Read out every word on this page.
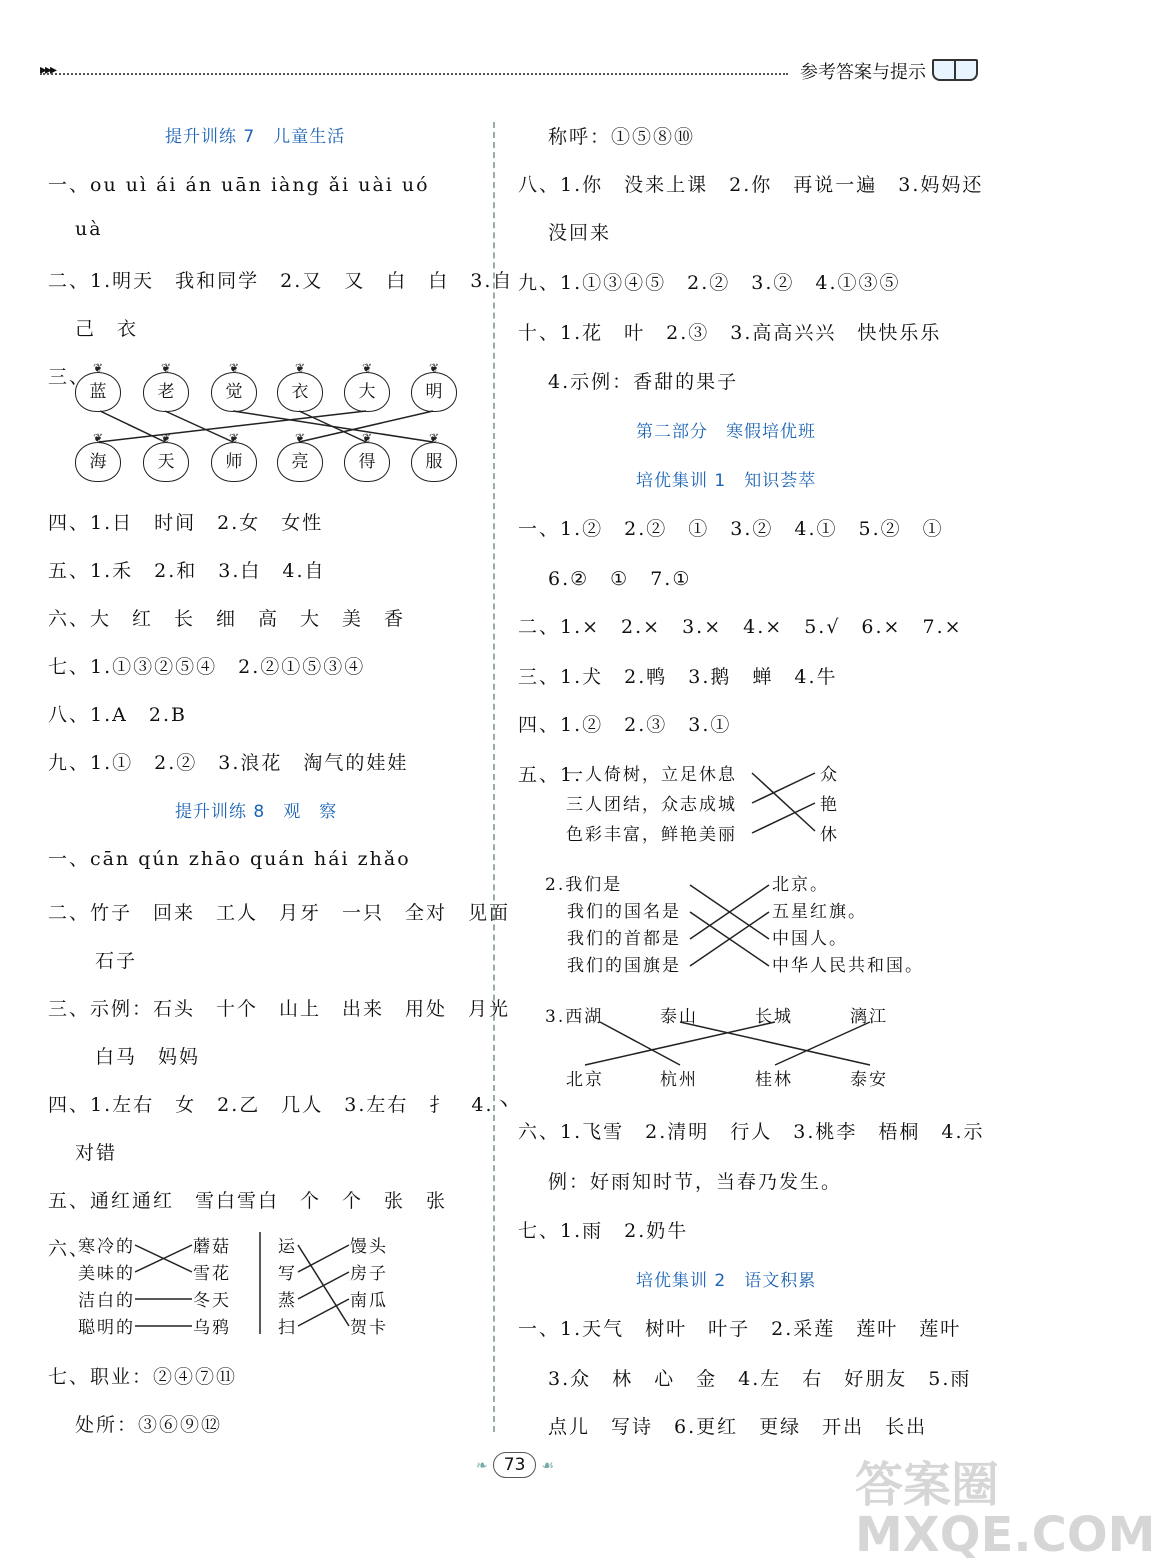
▸▸▸	参考答案与提示
提升训练 7　儿童生活
一、ou uì ái án uān iàng ǎi uài uó
uà
二、1.明天　我和同学　2.又　又　白　白　3.自
己　衣
三、 ❦
蓝
❦
老
❦
觉
❦
衣
❦
大
❦
明
❦
海
❦
天
❦
师
❦
亮
❦
得
❦
服
四、1.日　时间　2.女　女性
五、1.禾　2.和　3.白　4.自
六、大　红　长　细　高　大　美　香
七、1.①③②⑤④　2.②①⑤③④
八、1.A　2.B
九、1.①　2.②　3.浪花　淘气的娃娃
提升训练 8　观　察
一、cān qún zhāo quán hái zhǎo
二、竹子　回来　工人　月牙　一只　全对　见面
石子
三、示例：石头　十个　山上　出来　用处　月光
白马　妈妈
四、1.左右　女　2.乙　几人　3.左右　扌　4.丶
对错
五、通红通红　雪白雪白　个　个　张　张
六、
寒冷的
美味的
洁白的
聪明的
蘑菇
雪花
冬天
乌鸦
运
写
蒸
扫
馒头
房子
南瓜
贺卡
七、职业：②④⑦⑪
处所：③⑥⑨⑫
称呼：①⑤⑧⑩
八、1.你　没来上课　2.你　再说一遍　3.妈妈还
没回来
九、1.①③④⑤　2.②　3.②　4.①③⑤
十、1.花　叶　2.③　3.高高兴兴　快快乐乐
4.示例：香甜的果子
第二部分　寒假培优班
培优集训 1　知识荟萃
一、1.②　2.②　①　3.②　4.①　5.②　①
6.②　①　7.①
二、1.×　2.×　3.×　4.×　5.√　6.×　7.×
三、1.犬　2.鸭　3.鹅　蝉　4.牛
四、1.②　2.③　3.①
五、1.
一人倚树，立足休息
三人团结，众志成城
色彩丰富，鲜艳美丽
众
艳
休
2.我们是
我们的国名是
我们的首都是
我们的国旗是
北京。
五星红旗。
中国人。
中华人民共和国。
3.西湖	泰山	长城	漓江
北京	杭州	桂林	泰安
六、1.飞雪　2.清明　行人　3.桃李　梧桐　4.示
例：好雨知时节，当春乃发生。
七、1.雨　2.奶牛
培优集训 2　语文积累
一、1.天气　树叶　叶子　2.采莲　莲叶　莲叶
3.众　林　心　金　4.左　右　好朋友　5.雨
点儿　写诗　6.更红　更绿　开出　长出
❧ 73 ☙	答案圈 MXQE.COM
